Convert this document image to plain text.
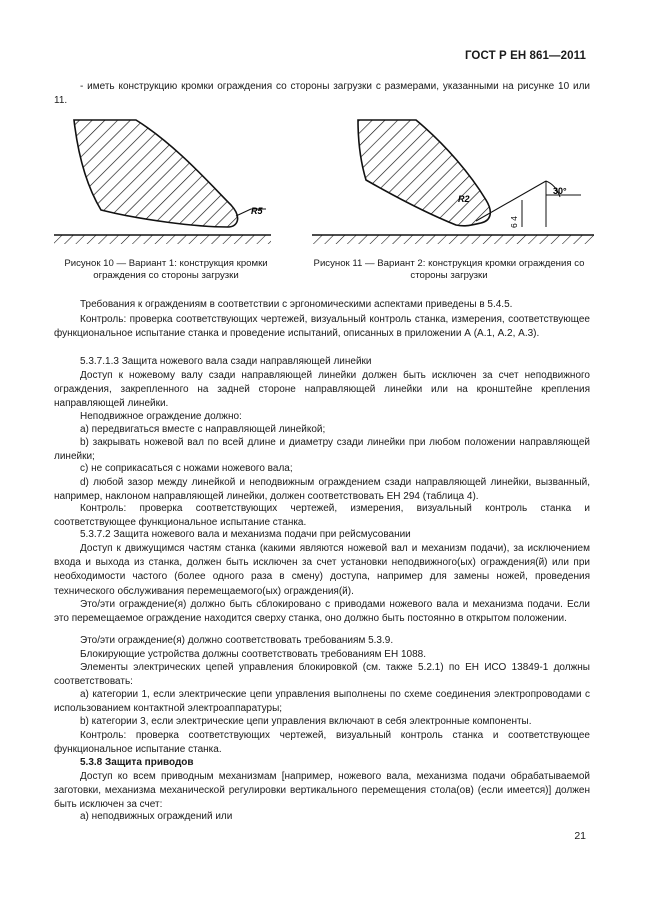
ГОСТ Р ЕН 861—2011
- иметь конструкцию кромки ограждения со стороны загрузки с размерами, указанными на рисунке 10 или 11.
R5
30°
R2
6 4
Рисунок 10 — Вариант 1: конструкция кромки ограждения со стороны загрузки
Рисунок 11 — Вариант 2: конструкция кромки ограждения со стороны загрузки
Требования к ограждениям в соответствии с эргономическими аспектами приведены в 5.4.5.
Контроль: проверка соответствующих чертежей, визуальный контроль станка, измерения, соответствующее функциональное испытание станка и проведение испытаний, описанных в приложении А (А.1, А.2, А.3).
5.3.7.1.3 Защита ножевого вала сзади направляющей линейки
Доступ к ножевому валу сзади направляющей линейки должен быть исключен за счет неподвижного ограждения, закрепленного на задней стороне направляющей линейки или на кронштейне крепления направляющей линейки.
Неподвижное ограждение должно:
а) передвигаться вместе с направляющей линейкой;
b) закрывать ножевой вал по всей длине и диаметру сзади линейки при любом положении направляющей линейки;
c) не соприкасаться с ножами ножевого вала;
d) любой зазор между линейкой и неподвижным ограждением сзади направляющей линейки, вызванный, например, наклоном направляющей линейки, должен соответствовать ЕН 294 (таблица 4).
Контроль: проверка соответствующих чертежей, измерения, визуальный контроль станка и соответствующее функциональное испытание станка.
5.3.7.2 Защита ножевого вала и механизма подачи при рейсмусовании
Доступ к движущимся частям станка (какими являются ножевой вал и механизм подачи), за исключением входа и выхода из станка, должен быть исключен за счет установки неподвижного(ых) ограждения(й) или при необходимости частого (более одного раза в смену) доступа, например для замены ножей, проведения технического обслуживания перемещаемого(ых) ограждения(й).
Это/эти ограждение(я) должно быть сблокировано с приводами ножевого вала и механизма подачи. Если это перемещаемое ограждение находится сверху станка, оно должно быть постоянно в открытом положении.
Это/эти ограждение(я) должно соответствовать требованиям 5.3.9.
Блокирующие устройства должны соответствовать требованиям ЕН 1088.
Элементы электрических цепей управления блокировкой (см. также 5.2.1) по ЕН ИСО 13849-1 должны соответствовать:
а) категории 1, если электрические цепи управления выполнены по схеме соединения электропроводами с использованием контактной электроаппаратуры;
b) категории 3, если электрические цепи управления включают в себя электронные компоненты.
Контроль: проверка соответствующих чертежей, визуальный контроль станка и соответствующее функциональное испытание станка.
5.3.8 Защита приводов
Доступ ко всем приводным механизмам [например, ножевого вала, механизма подачи обрабатываемой заготовки, механизма механической регулировки вертикального перемещения стола(ов) (если имеется)] должен быть исключен за счет:
а) неподвижных ограждений или
21
